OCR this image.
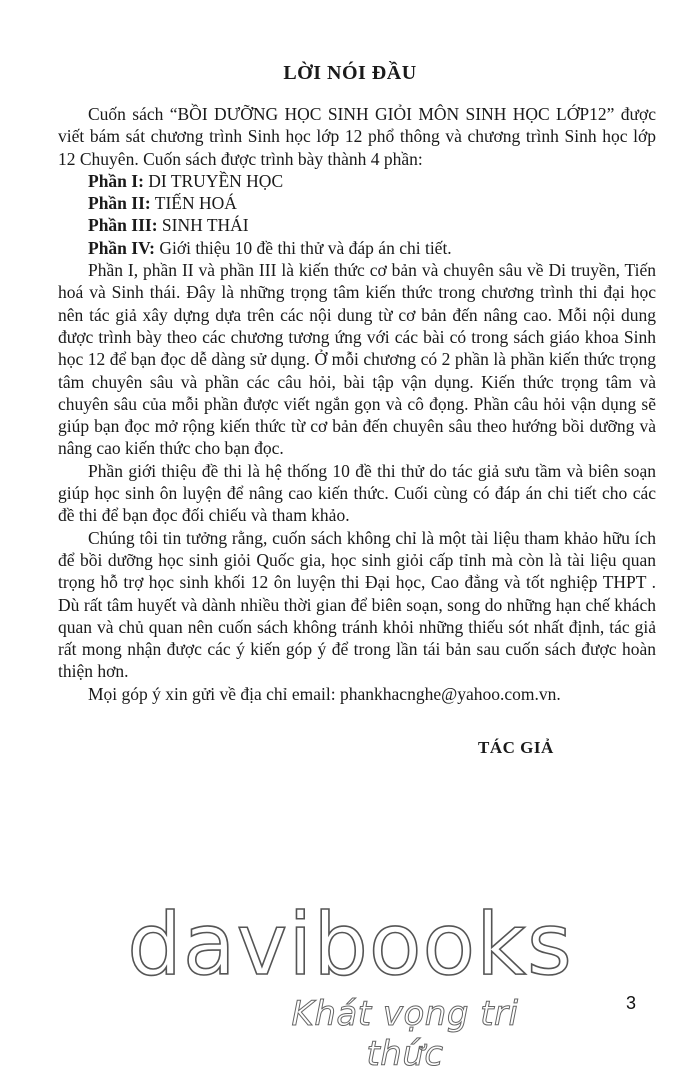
LỜI NÓI ĐẦU

Cuốn sách “BỒI DƯỠNG HỌC SINH GIỎI MÔN SINH HỌC LỚP12” được viết bám sát chương trình Sinh học lớp 12 phổ thông và chương trình Sinh học lớp 12 Chuyên. Cuốn sách được trình bày thành 4 phần:

Phần I: DI TRUYỀN HỌC
Phần II: TIẾN HOÁ
Phần III: SINH THÁI
Phần IV: Giới thiệu 10 đề thi thử và đáp án chi tiết.

Phần I, phần II và phần III là kiến thức cơ bản và chuyên sâu về Di truyền, Tiến hoá và Sinh thái. Đây là những trọng tâm kiến thức trong chương trình thi đại học nên tác giả xây dựng dựa trên các nội dung từ cơ bản đến nâng cao. Mỗi nội dung được trình bày theo các chương tương ứng với các bài có trong sách giáo khoa Sinh học 12 để bạn đọc dễ dàng sử dụng. Ở mỗi chương có 2 phần là phần kiến thức trọng tâm chuyên sâu và phần các câu hỏi, bài tập vận dụng. Kiến thức trọng tâm và chuyên sâu của mỗi phần được viết ngắn gọn và cô đọng. Phần câu hỏi vận dụng sẽ giúp bạn đọc mở rộng kiến thức từ cơ bản đến chuyên sâu theo hướng bồi dưỡng và nâng cao kiến thức cho bạn đọc.

Phần giới thiệu đề thi là hệ thống 10 đề thi thử do tác giả sưu tầm và biên soạn giúp học sinh ôn luyện để nâng cao kiến thức. Cuối cùng có đáp án chi tiết cho các đề thi để bạn đọc đối chiếu và tham khảo.

Chúng tôi tin tưởng rằng, cuốn sách không chỉ là một tài liệu tham khảo hữu ích để bồi dưỡng học sinh giỏi Quốc gia, học sinh giỏi cấp tỉnh mà còn là tài liệu quan trọng hỗ trợ học sinh khối 12 ôn luyện thi Đại học, Cao đẳng và tốt nghiệp THPT . Dù rất tâm huyết và dành nhiều thời gian để biên soạn, song do những hạn chế khách quan và chủ quan nên cuốn sách không tránh khỏi những thiếu sót nhất định, tác giả rất mong nhận được các ý kiến góp ý để trong lần tái bản sau cuốn sách được hoàn thiện hơn.

Mọi góp ý xin gửi về địa chỉ email: phankhacnghe@yahoo.com.vn.

TÁC GIẢ
davibooks
Khát vọng tri thức
3
